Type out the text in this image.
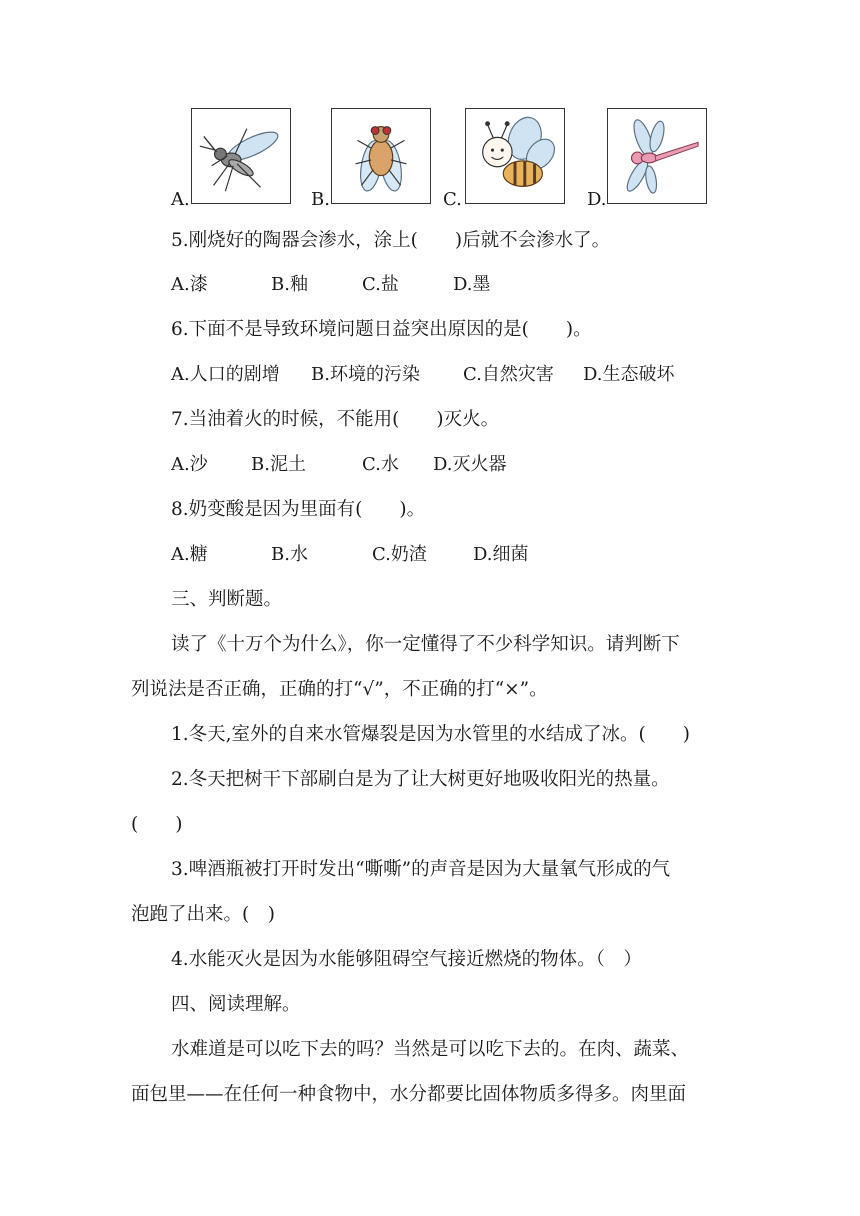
A.	B.	C.	D.
5.刚烧好的陶器会渗水，涂上(　　)后就不会渗水了。
A.漆	B.釉	C.盐	D.墨
6.下面不是导致环境问题日益突出原因的是(　　)。
A.人口的剧增 B.环境的污染 C.自然灾害 D.生态破坏
7.当油着火的时候，不能用(　　)灭火。
A.沙 B.泥土	C.水 D.灭火器
8.奶变酸是因为里面有(　　)。
A.糖	B.水	C.奶渣	D.细菌
三、判断题。
读了《十万个为什么》，你一定懂得了不少科学知识。请判断下
列说法是否正确，正确的打“√”，不正确的打“×”。
1.冬天,室外的自来水管爆裂是因为水管里的水结成了冰。(　　)
2.冬天把树干下部刷白是为了让大树更好地吸收阳光的热量。
(　　)
3.啤酒瓶被打开时发出“嘶嘶”的声音是因为大量氧气形成的气
泡跑了出来。(　)
4.水能灭火是因为水能够阻碍空气接近燃烧的物体。（　）
四、阅读理解。
水难道是可以吃下去的吗？当然是可以吃下去的。在肉、蔬菜、
面包里——在任何一种食物中，水分都要比固体物质多得多。肉里面
